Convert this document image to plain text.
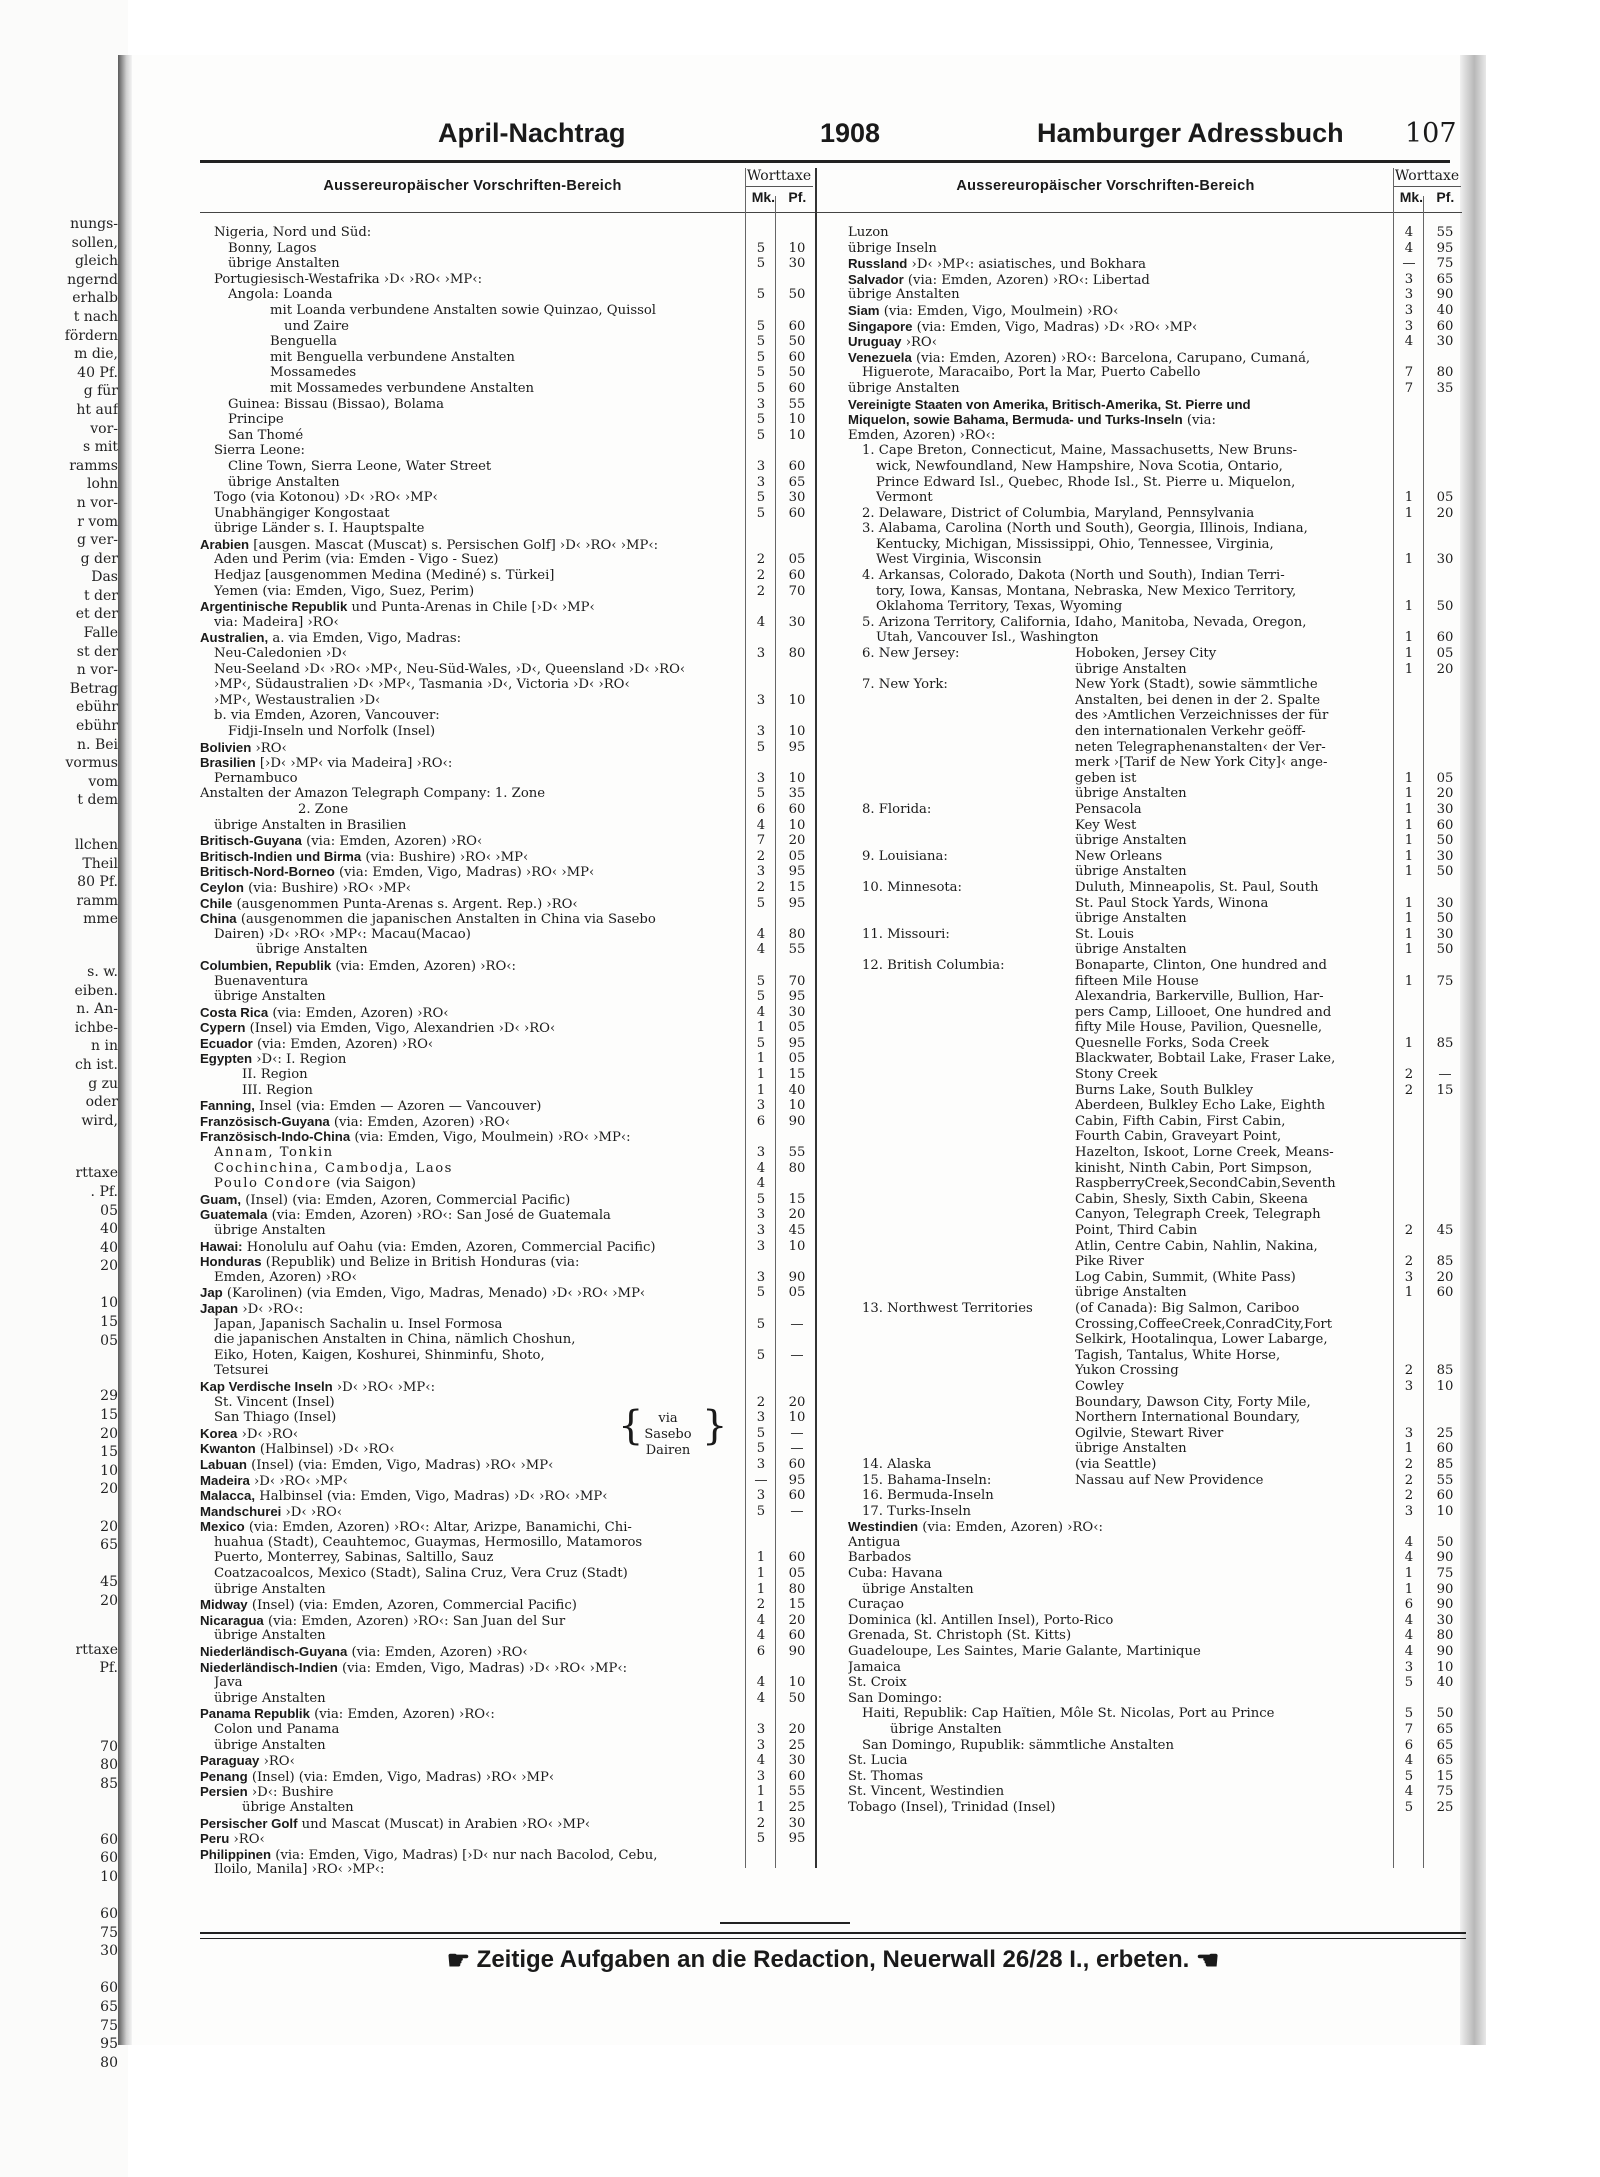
nungs-
sollen,
gleich
ngernd
erhalb
t nach
fördern
m die,
40 Pf.
g für
ht auf
vor-
s mit
ramms
lohn
n vor-
r vom
g ver-
g der
Das
t der
et der
Falle
st der
n vor-
Betrag
ebühr
ebühr
n. Bei
vormus
vom
t dem
llchen
Theil
80 Pf.
ramm
mme
s. w.
eiben.
n. An-
ichbe-
n in
ch ist.
g zu
oder
wird,
rttaxe
. Pf.
05
40
40
20
10
15
05
29
15
20
15
10
20
20
65
45
20
rttaxe
Pf.
70
80
85
60
60
10
60
75
30
60
65
75
95
80
April-Nachtrag	1908	Hamburger Adressbuch 107
Aussereuropäischer Vorschriften-Bereich
Worttaxe
Mk. Pf.
Aussereuropäischer Vorschriften-Bereich
Worttaxe
Mk. Pf.
Nigeria, Nord und Süd:
Bonny, Lagos	5	10
übrige Anstalten	5	30
Portugiesisch-Westafrika ›D‹ ›RO‹ ›MP‹:
Angola: Loanda	5	50
mit Loanda verbundene Anstalten sowie Quinzao, Quissol
und Zaire	5	60
Benguella	5	50
mit Benguella verbundene Anstalten	5	60
Mossamedes	5	50
mit Mossamedes verbundene Anstalten	5	60
Guinea: Bissau (Bissao), Bolama	3	55
Principe	5	10
San Thomé	5	10
Sierra Leone:
Cline Town, Sierra Leone, Water Street	3	60
übrige Anstalten	3	65
Togo (via Kotonou) ›D‹ ›RO‹ ›MP‹	5	30
Unabhängiger Kongostaat	5	60
übrige Länder s. I. Hauptspalte
Arabien [ausgen. Mascat (Muscat) s. Persischen Golf] ›D‹ ›RO‹ ›MP‹:
Aden und Perim (via: Emden - Vigo - Suez)	2	05
Hedjaz [ausgenommen Medina (Mediné) s. Türkei]	2	60
Yemen (via: Emden, Vigo, Suez, Perim)	2	70
Argentinische Republik und Punta-Arenas in Chile [›D‹ ›MP‹
via: Madeira] ›RO‹	4	30
Australien, a. via Emden, Vigo, Madras:
Neu-Caledonien ›D‹	3	80
Neu-Seeland ›D‹ ›RO‹ ›MP‹, Neu-Süd-Wales, ›D‹, Queensland ›D‹ ›RO‹
›MP‹, Südaustralien ›D‹ ›MP‹, Tasmania ›D‹, Victoria ›D‹ ›RO‹
›MP‹, Westaustralien ›D‹	3	10
b. via Emden, Azoren, Vancouver:
Fidji-Inseln und Norfolk (Insel)	3	10
Bolivien ›RO‹	5	95
Brasilien [›D‹ ›MP‹ via Madeira] ›RO‹:
Pernambuco	3	10
Anstalten der Amazon Telegraph Company: 1. Zone	5	35
2. Zone	6	60
übrige Anstalten in Brasilien	4	10
Britisch-Guyana (via: Emden, Azoren) ›RO‹	7	20
Britisch-Indien und Birma (via: Bushire) ›RO‹ ›MP‹	2	05
Britisch-Nord-Borneo (via: Emden, Vigo, Madras) ›RO‹ ›MP‹	3	95
Ceylon (via: Bushire) ›RO‹ ›MP‹	2	15
Chile (ausgenommen Punta-Arenas s. Argent. Rep.) ›RO‹	5	95
China (ausgenommen die japanischen Anstalten in China via Sasebo
Dairen) ›D‹ ›RO‹ ›MP‹: Macau(Macao)	4	80
übrige Anstalten	4	55
Columbien, Republik (via: Emden, Azoren) ›RO‹:
Buenaventura	5	70
übrige Anstalten	5	95
Costa Rica (via: Emden, Azoren) ›RO‹	4	30
Cypern (Insel) via Emden, Vigo, Alexandrien ›D‹ ›RO‹	1	05
Ecuador (via: Emden, Azoren) ›RO‹	5	95
Egypten ›D‹: I. Region	1	05
II. Region	1	15
III. Region	1	40
Fanning, Insel (via: Emden — Azoren — Vancouver)	3	10
Französisch-Guyana (via: Emden, Azoren) ›RO‹	6	90
Französisch-Indo-China (via: Emden, Vigo, Moulmein) ›RO‹ ›MP‹:
Annam, Tonkin	3	55
Cochinchina, Cambodja, Laos	4	80
Poulo Condore (via Saigon)	4
Guam, (Insel) (via: Emden, Azoren, Commercial Pacific)	5	15
Guatemala (via: Emden, Azoren) ›RO‹: San José de Guatemala	3	20
übrige Anstalten	3	45
Hawai: Honolulu auf Oahu (via: Emden, Azoren, Commercial Pacific)	3	10
Honduras (Republik) und Belize in British Honduras (via:
Emden, Azoren) ›RO‹	3	90
Jap (Karolinen) (via Emden, Vigo, Madras, Menado) ›D‹ ›RO‹ ›MP‹	5	05
Japan ›D‹ ›RO‹:
Japan, Japanisch Sachalin u. Insel Formosa	5	—
die japanischen Anstalten in China, nämlich Choshun,
Eiko, Hoten, Kaigen, Koshurei, Shinminfu, Shoto,	5	—
Tetsurei
Kap Verdische Inseln ›D‹ ›RO‹ ›MP‹:
St. Vincent (Insel)	2	20
San Thiago (Insel)	3	10
Korea ›D‹ ›RO‹	5	—
Kwanton (Halbinsel) ›D‹ ›RO‹	5	—
Labuan (Insel) (via: Emden, Vigo, Madras) ›RO‹ ›MP‹	3	60
Madeira ›D‹ ›RO‹ ›MP‹	—	95
Malacca, Halbinsel (via: Emden, Vigo, Madras) ›D‹ ›RO‹ ›MP‹	3	60
Mandschurei ›D‹ ›RO‹	5	—
Mexico (via: Emden, Azoren) ›RO‹: Altar, Arizpe, Banamichi, Chi-
huahua (Stadt), Ceauhtemoc, Guaymas, Hermosillo, Matamoros
Puerto, Monterrey, Sabinas, Saltillo, Sauz	1	60
Coatzacoalcos, Mexico (Stadt), Salina Cruz, Vera Cruz (Stadt)	1	05
übrige Anstalten	1	80
Midway (Insel) (via: Emden, Azoren, Commercial Pacific)	2	15
Nicaragua (via: Emden, Azoren) ›RO‹: San Juan del Sur	4	20
übrige Anstalten	4	60
Niederländisch-Guyana (via: Emden, Azoren) ›RO‹	6	90
Niederländisch-Indien (via: Emden, Vigo, Madras) ›D‹ ›RO‹ ›MP‹:
Java	4	10
übrige Anstalten	4	50
Panama Republik (via: Emden, Azoren) ›RO‹:
Colon und Panama	3	20
übrige Anstalten	3	25
Paraguay ›RO‹	4	30
Penang (Insel) (via: Emden, Vigo, Madras) ›RO‹ ›MP‹	3	60
Persien ›D‹: Bushire	1	55
übrige Anstalten	1	25
Persischer Golf und Mascat (Muscat) in Arabien ›RO‹ ›MP‹	2	30
Peru ›RO‹	5	95
Philippinen (via: Emden, Vigo, Madras) [›D‹ nur nach Bacolod, Cebu,
Iloilo, Manila] ›RO‹ ›MP‹:
Luzon	4	55
übrige Inseln	4	95
Russland ›D‹ ›MP‹: asiatisches, und Bokhara	—	75
Salvador (via: Emden, Azoren) ›RO‹: Libertad	3	65
übrige Anstalten	3	90
Siam (via: Emden, Vigo, Moulmein) ›RO‹	3	40
Singapore (via: Emden, Vigo, Madras) ›D‹ ›RO‹ ›MP‹	3	60
Uruguay ›RO‹	4	30
Venezuela (via: Emden, Azoren) ›RO‹: Barcelona, Carupano, Cumaná,
Higuerote, Maracaibo, Port la Mar, Puerto Cabello	7	80
übrige Anstalten	7	35
Vereinigte Staaten von Amerika, Britisch-Amerika, St. Pierre und
Miquelon, sowie Bahama, Bermuda- und Turks-Inseln (via:
Emden, Azoren) ›RO‹:
1. Cape Breton, Connecticut, Maine, Massachusetts, New Bruns-
wick, Newfoundland, New Hampshire, Nova Scotia, Ontario,
Prince Edward Isl., Quebec, Rhode Isl., St. Pierre u. Miquelon,
Vermont	1	05
2. Delaware, District of Columbia, Maryland, Pennsylvania	1	20
3. Alabama, Carolina (North und South), Georgia, Illinois, Indiana,
Kentucky, Michigan, Mississippi, Ohio, Tennessee, Virginia,
West Virginia, Wisconsin	1	30
4. Arkansas, Colorado, Dakota (North und South), Indian Terri-
tory, Iowa, Kansas, Montana, Nebraska, New Mexico Territory,
Oklahoma Territory, Texas, Wyoming	1	50
5. Arizona Territory, California, Idaho, Manitoba, Nevada, Oregon,
Utah, Vancouver Isl., Washington	1	60
6. New Jersey:	Hoboken, Jersey City	1	05
übrige Anstalten	1	20
7. New York:	New York (Stadt), sowie sämmtliche
Anstalten, bei denen in der 2. Spalte
des ›Amtlichen Verzeichnisses der für
den internationalen Verkehr geöff-
neten Telegraphenanstalten‹ der Ver-
merk ›[Tarif de New York City]‹ ange-
geben ist	1	05
übrige Anstalten	1	20
8. Florida:	Pensacola	1	30
Key West	1	60
übrige Anstalten	1	50
9. Louisiana:	New Orleans	1	30
übrige Anstalten	1	50
10. Minnesota:	Duluth, Minneapolis, St. Paul, South
St. Paul Stock Yards, Winona	1	30
übrige Anstalten	1	50
11. Missouri:	St. Louis	1	30
übrige Anstalten	1	50
12. British Columbia:	Bonaparte, Clinton, One hundred and
fifteen Mile House	1	75
Alexandria, Barkerville, Bullion, Har-
pers Camp, Lillooet, One hundred and
fifty Mile House, Pavilion, Quesnelle,
Quesnelle Forks, Soda Creek	1	85
Blackwater, Bobtail Lake, Fraser Lake,
Stony Creek	2	—
Burns Lake, South Bulkley	2	15
Aberdeen, Bulkley Echo Lake, Eighth
Cabin, Fifth Cabin, First Cabin,
Fourth Cabin, Graveyart Point,
Hazelton, Iskoot, Lorne Creek, Means-
kinisht, Ninth Cabin, Port Simpson,
RaspberryCreek,SecondCabin,Seventh
Cabin, Shesly, Sixth Cabin, Skeena
Canyon, Telegraph Creek, Telegraph
Point, Third Cabin	2	45
Atlin, Centre Cabin, Nahlin, Nakina,
Pike River	2	85
Log Cabin, Summit, (White Pass)	3	20
übrige Anstalten	1	60
13. Northwest Territories	(of Canada): Big Salmon, Cariboo
Crossing,CoffeeCreek,ConradCity,Fort
Selkirk, Hootalinqua, Lower Labarge,
Tagish, Tantalus, White Horse,
Yukon Crossing	2	85
Cowley	3	10
Boundary, Dawson City, Forty Mile,
Northern International Boundary,
Ogilvie, Stewart River	3	25
übrige Anstalten	1	60
14. Alaska	(via Seattle)	2	85
15. Bahama-Inseln:	Nassau auf New Providence	2	55
16. Bermuda-Inseln	2	60
17. Turks-Inseln	3	10
Westindien (via: Emden, Azoren) ›RO‹:
Antigua	4	50
Barbados	4	90
Cuba: Havana	1	75
übrige Anstalten	1	90
Curaçao	6	90
Dominica (kl. Antillen Insel), Porto-Rico	4	30
Grenada, St. Christoph (St. Kitts)	4	80
Guadeloupe, Les Saintes, Marie Galante, Martinique	4	90
Jamaica	3	10
St. Croix	5	40
San Domingo:
Haiti, Republik: Cap Haïtien, Môle St. Nicolas, Port au Prince	5	50
übrige Anstalten	7	65
San Domingo, Rupublik: sämmtliche Anstalten	6	65
St. Lucia	4	65
St. Thomas	5	15
St. Vincent, Westindien	4	75
Tobago (Insel), Trinidad (Insel)	5	25
{	via Sasebo
Dairen
}
☛ Zeitige Aufgaben an die Redaction, Neuerwall 26/28 I., erbeten. ☚
